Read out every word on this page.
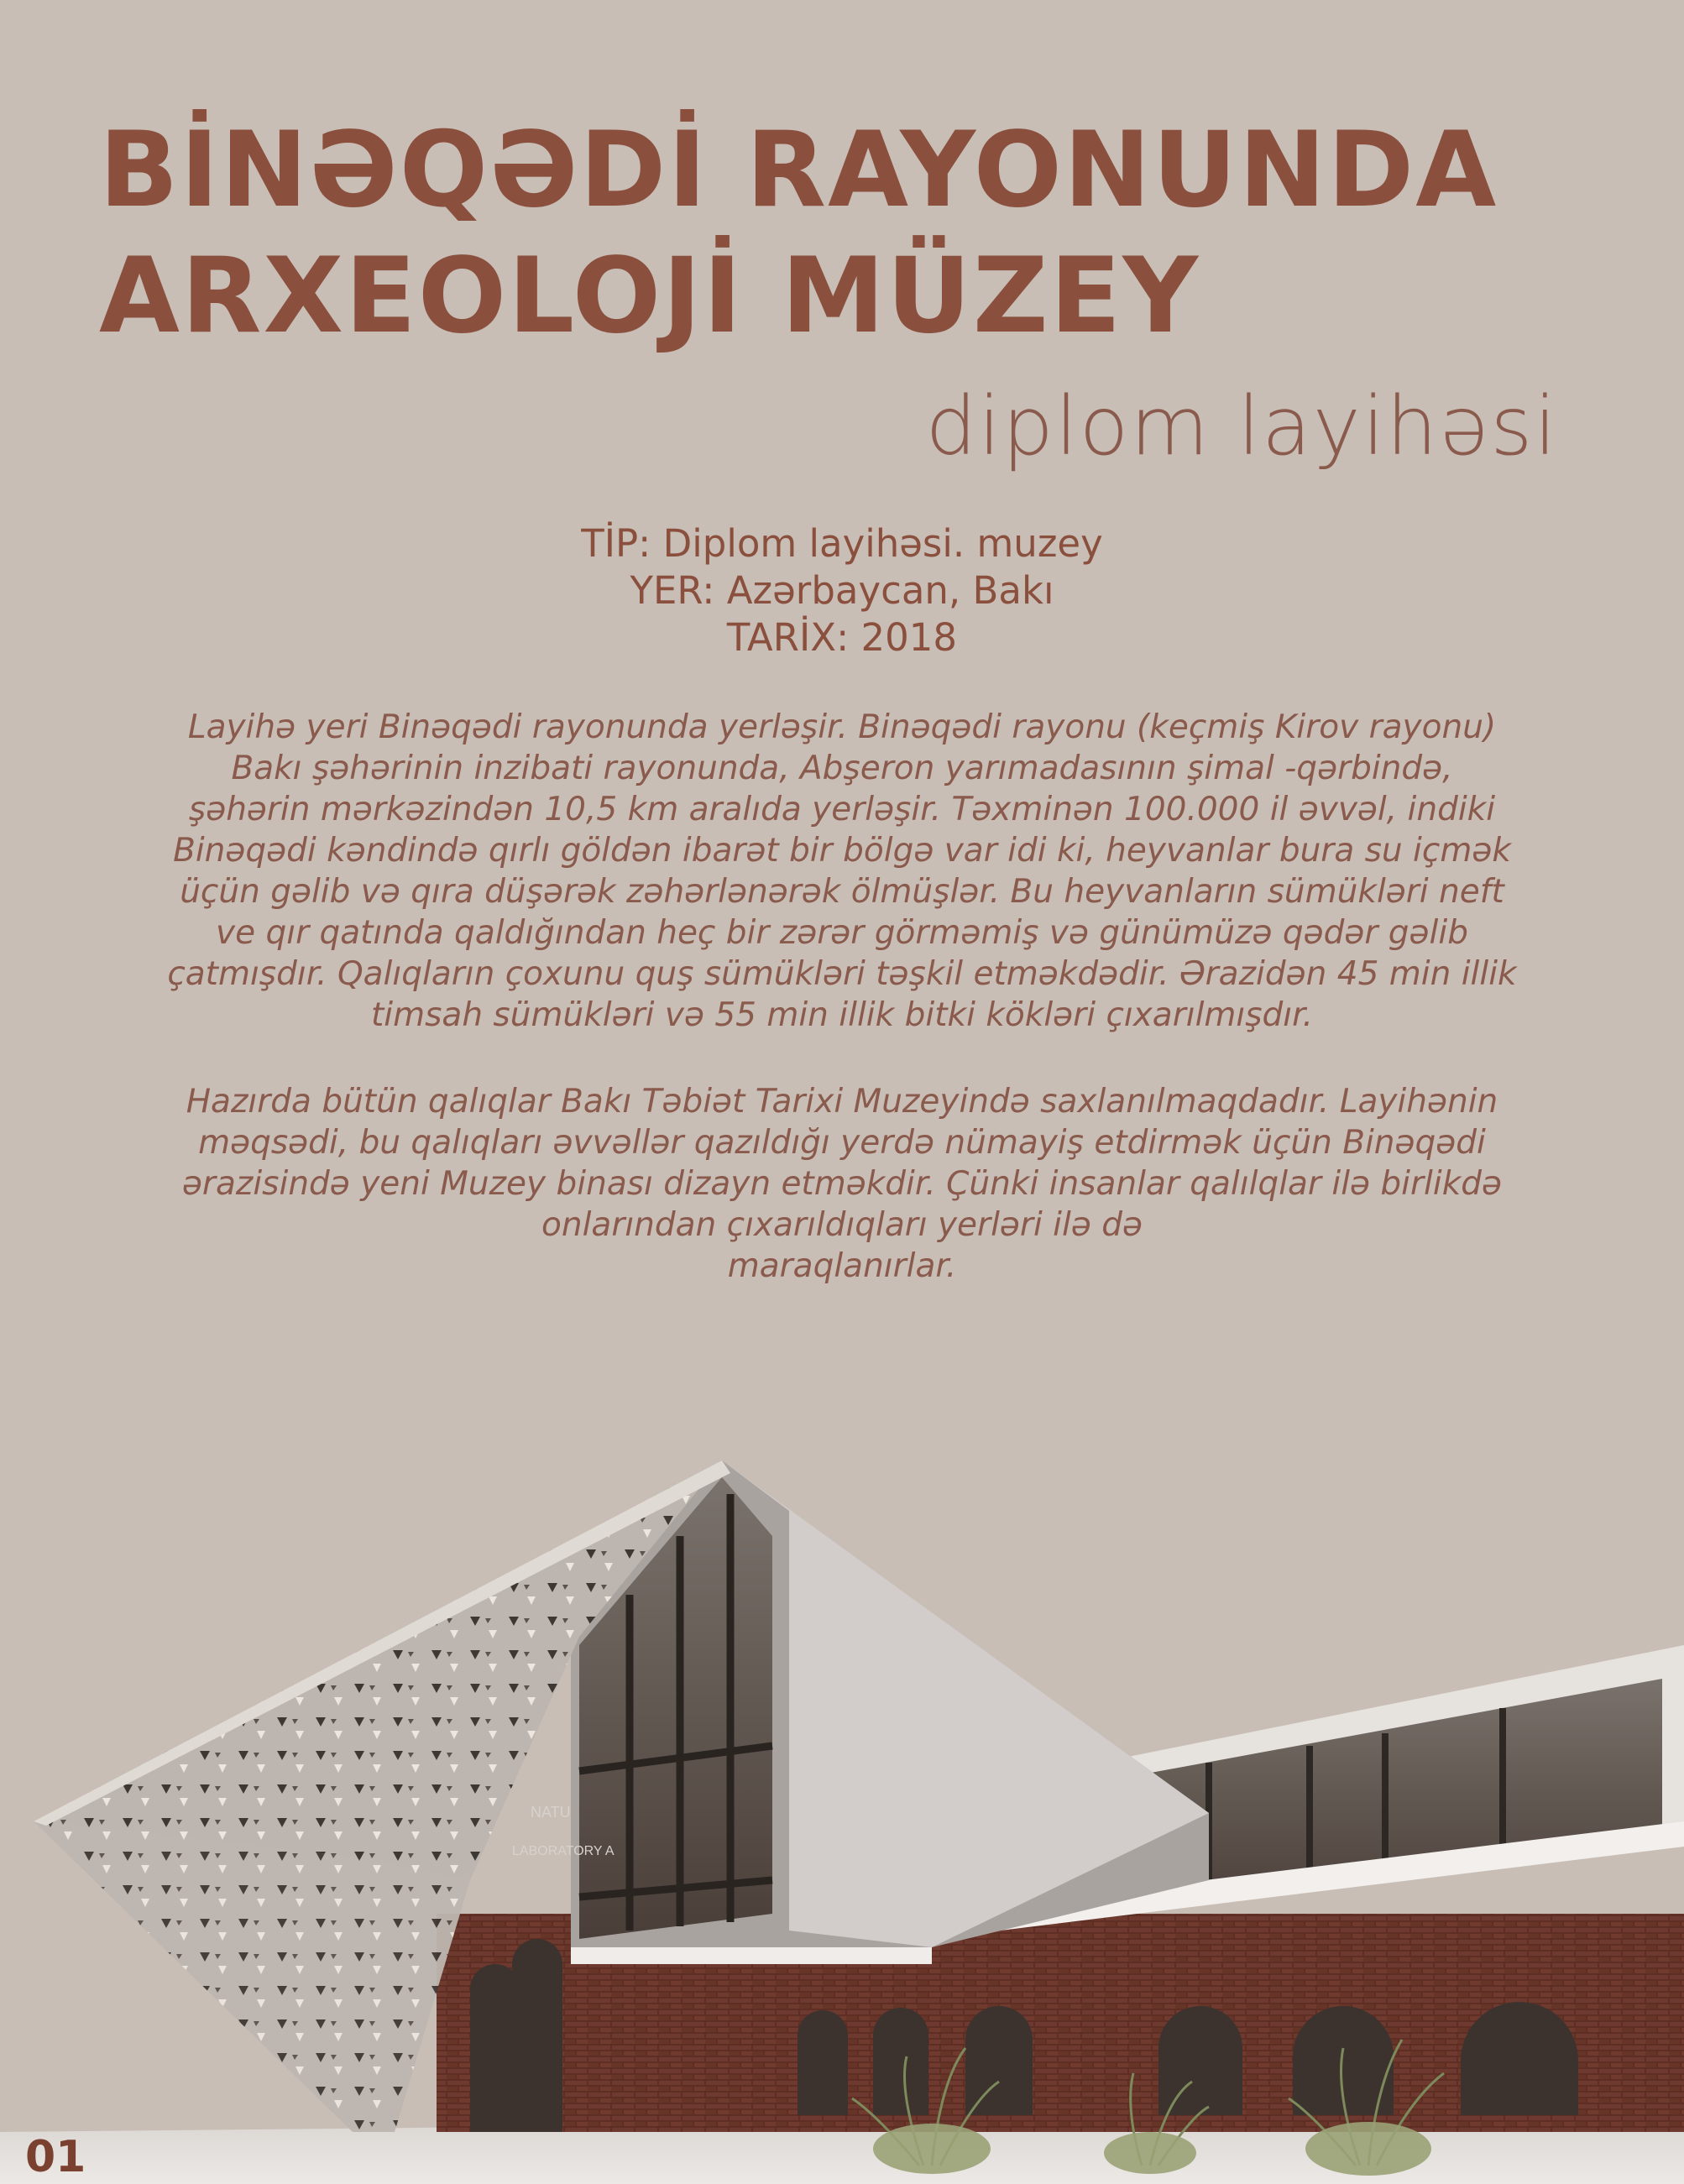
BİNƏQƏDİ RAYONUNDA
ARXEOLOJİ MÜZEY
diplom layihəsi
TİP: Diplom layihəsi. muzey
YER: Azərbaycan, Bakı
TARİX: 2018
Layihə yeri Binəqədi rayonunda yerləşir. Binəqədi rayonu (keçmiş Kirov rayonu)
Bakı şəhərinin inzibati rayonunda, Abşeron yarımadasının şimal -qərbində,
şəhərin mərkəzindən 10,5 km aralıda yerləşir. Təxminən 100.000 il əvvəl, indiki
Binəqədi kəndində qırlı göldən ibarət bir bölgə var idi ki, heyvanlar bura su içmək
üçün gəlib və qıra düşərək zəhərlənərək ölmüşlər. Bu heyvanların sümükləri neft
ve qır qatında qaldığından heç bir zərər görməmiş və günümüzə qədər gəlib
çatmışdır. Qalıqların çoxunu quş sümükləri təşkil etməkdədir. Ərazidən 45 min illik
timsah sümükləri və 55 min illik bitki kökləri çıxarılmışdır.
Hazırda bütün qalıqlar Bakı Təbiət Tarixi Muzeyində saxlanılmaqdadır. Layihənin
məqsədi, bu qalıqları əvvəllər qazıldığı yerdə nümayiş etdirmək üçün Binəqədi
ərazisində yeni Muzey binası dizayn etməkdir. Çünki insanlar qalılqlar ilə birlikdə
onlarından çıxarıldıqları yerləri ilə də
maraqlanırlar.
NATU
LABORATORY A
01
